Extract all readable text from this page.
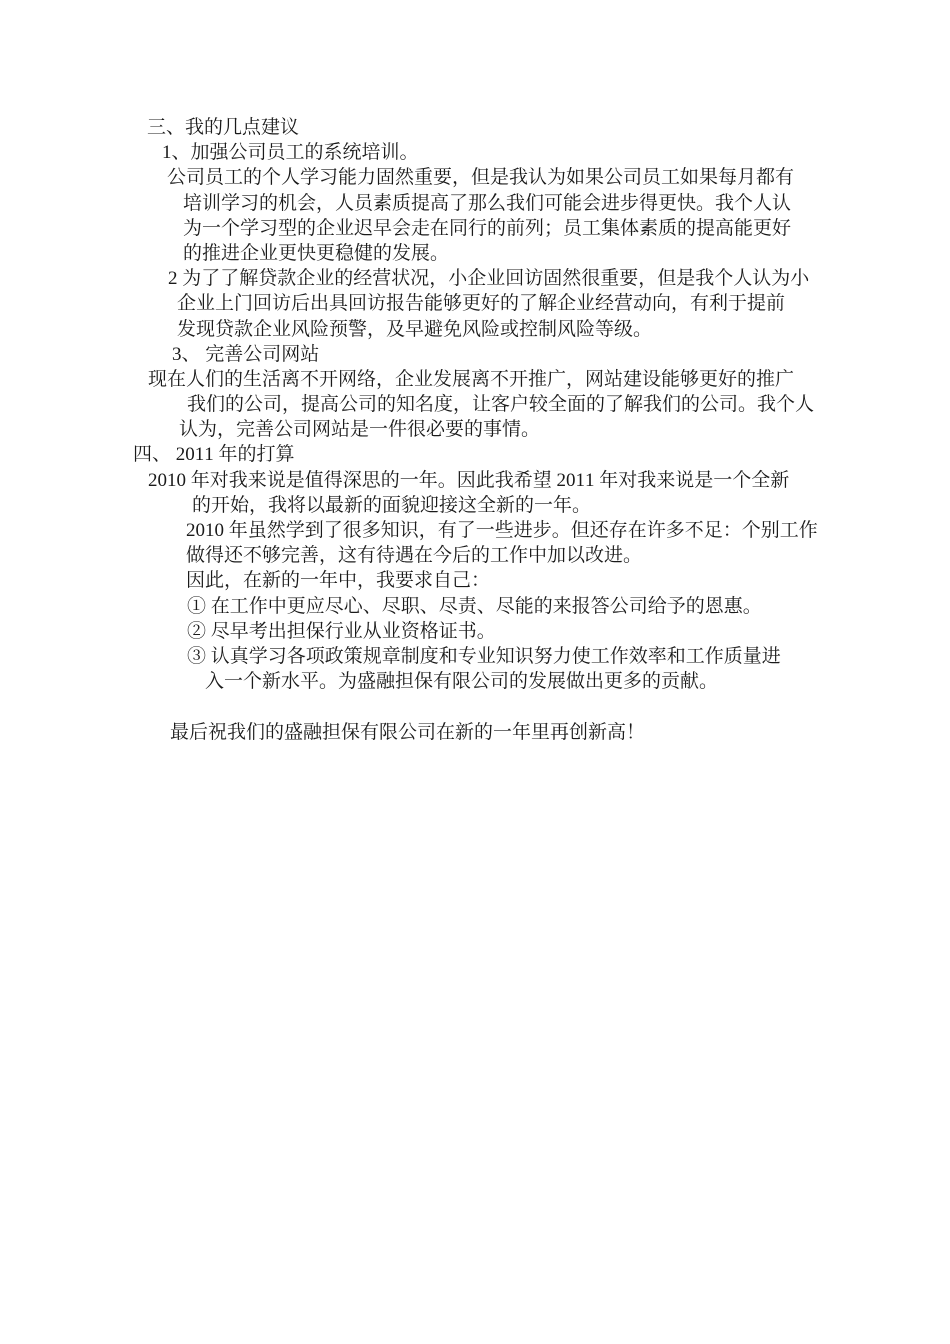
三、我的几点建议
1、加强公司员工的系统培训。
公司员工的个人学习能力固然重要，但是我认为如果公司员工如果每月都有
培训学习的机会，人员素质提高了那么我们可能会进步得更快。我个人认
为一个学习型的企业迟早会走在同行的前列；员工集体素质的提高能更好
的推进企业更快更稳健的发展。
2 为了了解贷款企业的经营状况，小企业回访固然很重要，但是我个人认为小
企业上门回访后出具回访报告能够更好的了解企业经营动向，有利于提前
发现贷款企业风险预警，及早避免风险或控制风险等级。
3、 完善公司网站
现在人们的生活离不开网络，企业发展离不开推广，网站建设能够更好的推广
我们的公司，提高公司的知名度，让客户较全面的了解我们的公司。我个人
认为，完善公司网站是一件很必要的事情。
四、 2011 年的打算
2010 年对我来说是值得深思的一年。因此我希望 2011 年对我来说是一个全新
的开始，我将以最新的面貌迎接这全新的一年。
2010 年虽然学到了很多知识，有了一些进步。但还存在许多不足：个别工作
做得还不够完善，这有待遇在今后的工作中加以改进。
因此，在新的一年中，我要求自己：
① 在工作中更应尽心、尽职、尽责、尽能的来报答公司给予的恩惠。
② 尽早考出担保行业从业资格证书。
③ 认真学习各项政策规章制度和专业知识努力使工作效率和工作质量进
入一个新水平。为盛融担保有限公司的发展做出更多的贡献。
最后祝我们的盛融担保有限公司在新的一年里再创新高！
